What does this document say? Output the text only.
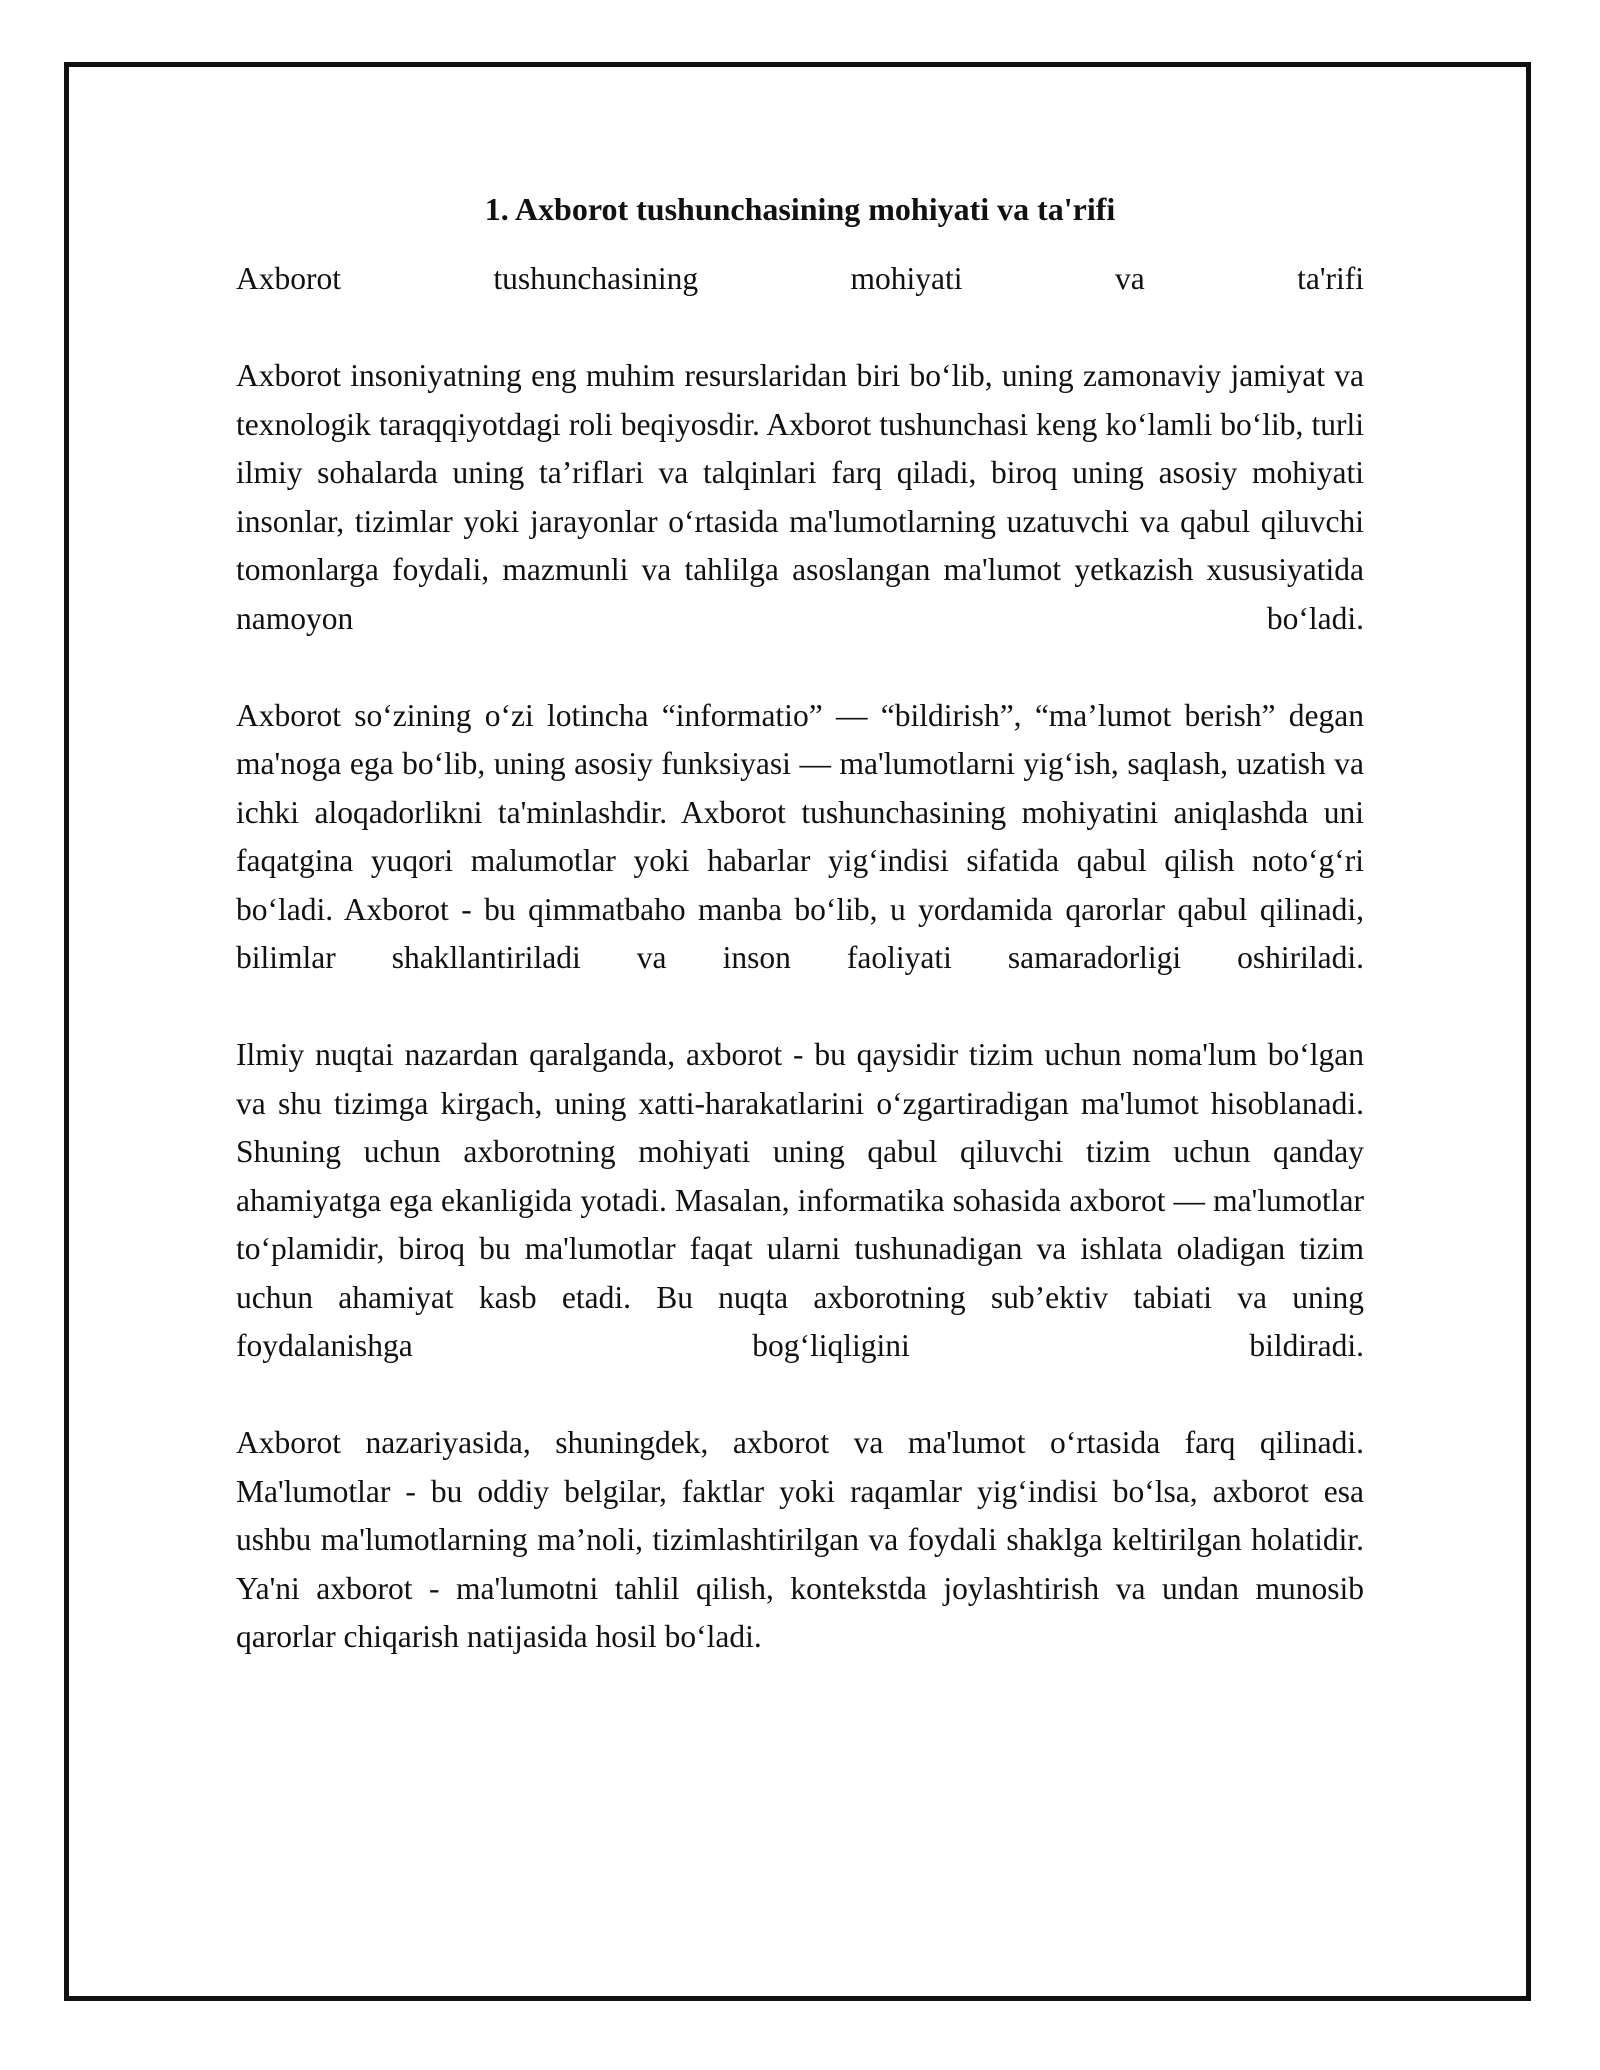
1. Axborot tushunchasining mohiyati va ta'rifi
Axborot tushunchasining mohiyati va ta'rifi

Axborot insoniyatning eng muhim resurslaridan biri bo‘lib, uning zamonaviy jamiyat va texnologik taraqqiyotdagi roli beqiyosdir. Axborot tushunchasi keng ko‘lamli bo‘lib, turli ilmiy sohalarda uning ta’riflari va talqinlari farq qiladi, biroq uning asosiy mohiyati insonlar, tizimlar yoki jarayonlar o‘rtasida ma'lumotlarning uzatuvchi va qabul qiluvchi tomonlarga foydali, mazmunli va tahlilga asoslangan ma'lumot yetkazish xususiyatida namoyon bo‘ladi.

Axborot so‘zining o‘zi lotincha “informatio” — “bildirish”, “ma’lumot berish” degan ma'noga ega bo‘lib, uning asosiy funksiyasi — ma'lumotlarni yig‘ish, saqlash, uzatish va ichki aloqadorlikni ta'minlashdir. Axborot tushunchasining mohiyatini aniqlashda uni faqatgina yuqori malumotlar yoki habarlar yig‘indisi sifatida qabul qilish noto‘g‘ri bo‘ladi. Axborot - bu qimmatbaho manba bo‘lib, u yordamida qarorlar qabul qilinadi, bilimlar shakllantiriladi va inson faoliyati samaradorligi oshiriladi.

Ilmiy nuqtai nazardan qaralganda, axborot - bu qaysidir tizim uchun noma'lum bo‘lgan va shu tizimga kirgach, uning xatti-harakatlarini o‘zgartiradigan ma'lumot hisoblanadi. Shuning uchun axborotning mohiyati uning qabul qiluvchi tizim uchun qanday ahamiyatga ega ekanligida yotadi. Masalan, informatika sohasida axborot — ma'lumotlar to‘plamidir, biroq bu ma'lumotlar faqat ularni tushunadigan va ishlata oladigan tizim uchun ahamiyat kasb etadi. Bu nuqta axborotning sub’ektiv tabiati va uning foydalanishga bog‘liqligini bildiradi.

Axborot nazariyasida, shuningdek, axborot va ma'lumot o‘rtasida farq qilinadi. Ma'lumotlar - bu oddiy belgilar, faktlar yoki raqamlar yig‘indisi bo‘lsa, axborot esa ushbu ma'lumotlarning ma’noli, tizimlashtirilgan va foydali shaklga keltirilgan holatidir. Ya'ni axborot - ma'lumotni tahlil qilish, kontekstda joylashtirish va undan munosib qarorlar chiqarish natijasida hosil bo‘ladi.
